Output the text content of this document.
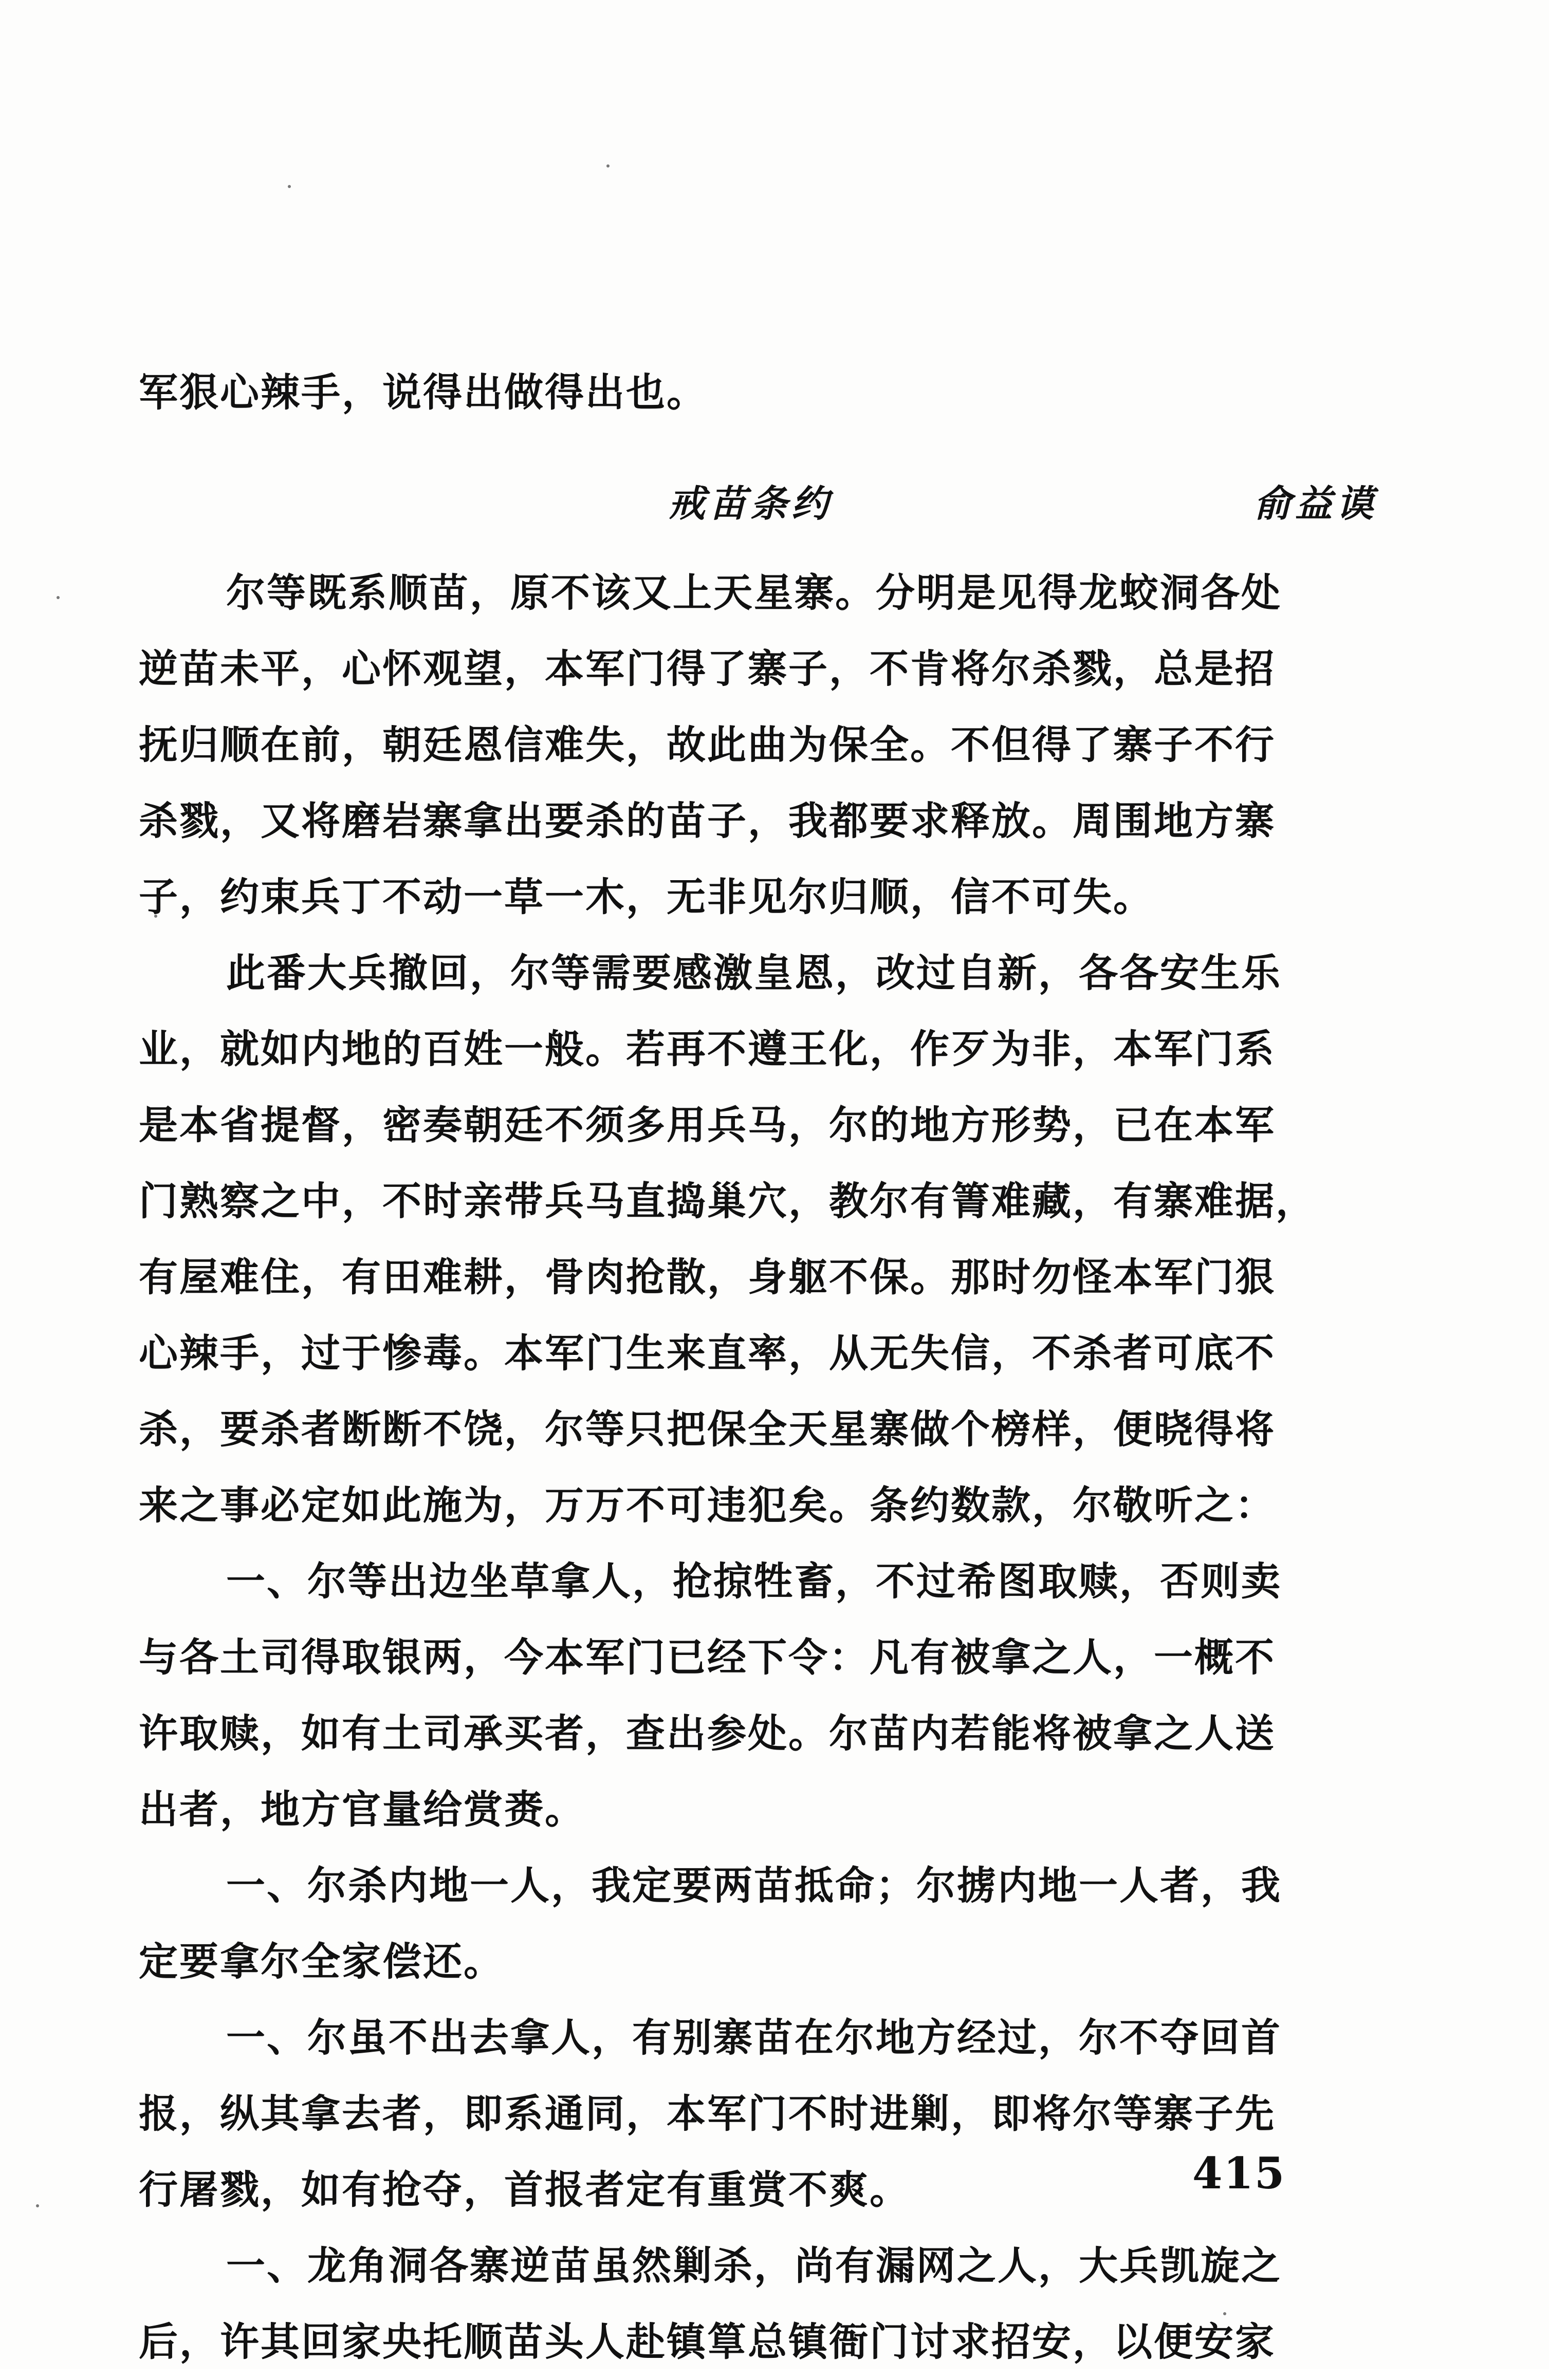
军狠心辣手，说得出做得出也。
戒苗条约	俞益谟
尔等既系顺苗，原不该又上天星寨。分明是见得龙蛟洞各处
逆苗未平，心怀观望，本军门得了寨子，不肯将尔杀戮，总是招
抚归顺在前，朝廷恩信难失，故此曲为保全。不但得了寨子不行
杀戮，又将磨岩寨拿出要杀的苗子，我都要求释放。周围地方寨
子，约束兵丁不动一草一木，无非见尔归顺，信不可失。
此番大兵撤回，尔等需要感激皇恩，改过自新，各各安生乐
业，就如内地的百姓一般。若再不遵王化，作歹为非，本军门系
是本省提督，密奏朝廷不须多用兵马，尔的地方形势，已在本军
门熟察之中，不时亲带兵马直捣巢穴，教尔有箐难藏，有寨难据，
有屋难住，有田难耕，骨肉抢散，身躯不保。那时勿怪本军门狠
心辣手，过于惨毒。本军门生来直率，从无失信，不杀者可底不
杀，要杀者断断不饶，尔等只把保全天星寨做个榜样，便晓得将
来之事必定如此施为，万万不可违犯矣。条约数款，尔敬听之：
一、尔等出边坐草拿人，抢掠牲畜，不过希图取赎，否则卖
与各土司得取银两，今本军门已经下令：凡有被拿之人，一概不
许取赎，如有土司承买者，查出参处。尔苗内若能将被拿之人送
出者，地方官量给赏赉。
一、尔杀内地一人，我定要两苗抵命；尔掳内地一人者，我
定要拿尔全家偿还。
一、尔虽不出去拿人，有别寨苗在尔地方经过，尔不夺回首
报，纵其拿去者，即系通同，本军门不时进剿，即将尔等寨子先
行屠戮，如有抢夺，首报者定有重赏不爽。
一、龙角洞各寨逆苗虽然剿杀，尚有漏网之人，大兵凯旋之
后，许其回家央托顺苗头人赴镇筸总镇衙门讨求招安，以便安家
415
